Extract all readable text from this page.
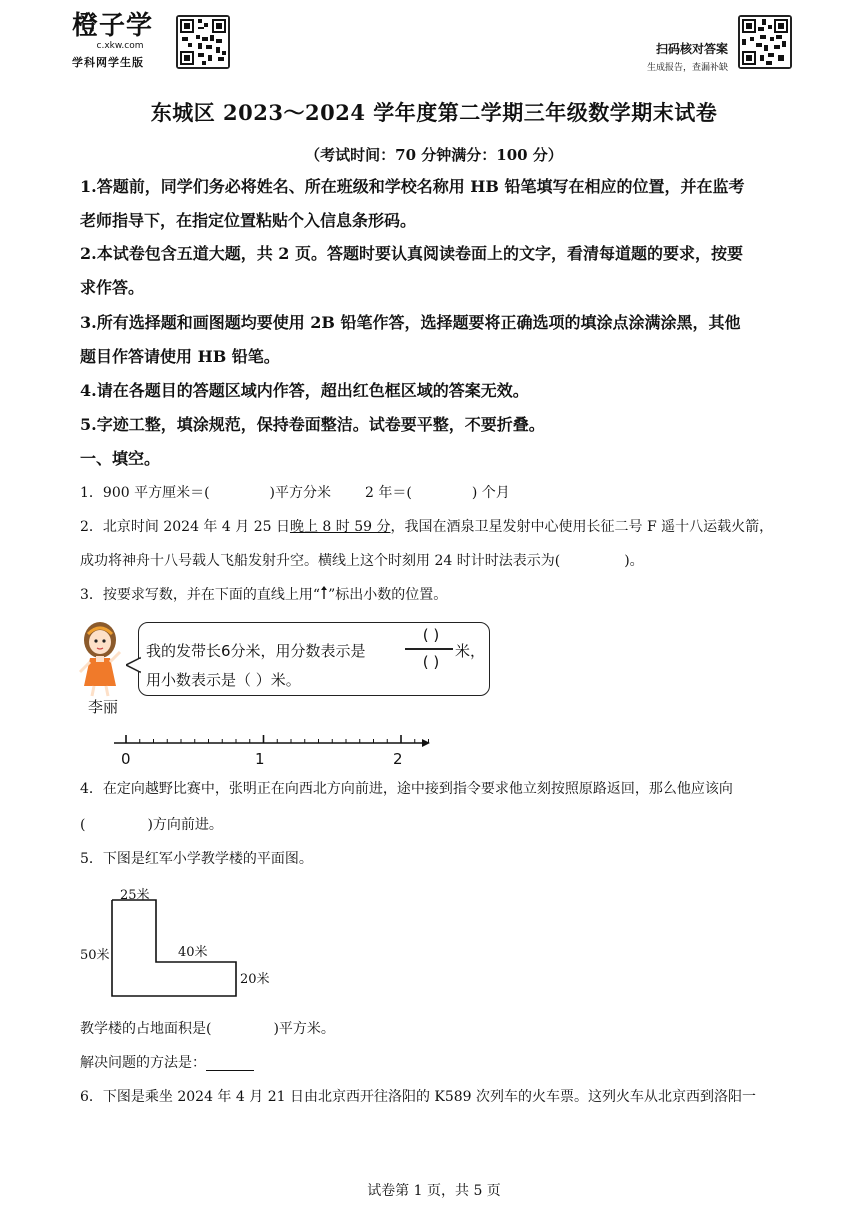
橙子学
c.xkw.com
学科网学生版
扫码核对答案
生成报告，查漏补缺
东城区 2023～2024 学年度第二学期三年级数学期末试卷
（考试时间：70 分钟满分：100 分）
1.答题前，同学们务必将姓名、所在班级和学校名称用 HB 铅笔填写在相应的位置，并在监考
老师指导下，在指定位置粘贴个入信息条形码。
2.本试卷包含五道大题，共 2 页。答题时要认真阅读卷面上的文字，看清每道题的要求，按要
求作答。
3.所有选择题和画图题均要使用 2B 铅笔作答，选择题要将正确选项的填涂点涂满涂黑，其他
题目作答请使用 HB 铅笔。
4.请在各题目的答题区域内作答，超出红色框区域的答案无效。
5.字迹工整，填涂规范，保持卷面整洁。试卷要平整，不要折叠。
一、填空。
1．900 平方厘米＝(	)平方分米 2 年＝(	) 个月
2．北京时间 2024 年 4 月 25 日晚上 8 时 59 分，我国在酒泉卫星发射中心使用长征二号 F 遥十八运载火箭，
成功将神舟十八号载人飞船发射升空。横线上这个时刻用 24 时计时法表示为(	)。
3．按要求写数，并在下面的直线上用“ ”标出小数的位置。
李丽
我的发带长6分米，用分数表示是
( )
( )
米，
用小数表示是（ ）米。
0	1	2
4．在定向越野比赛中，张明正在向西北方向前进，途中接到指令要求他立刻按照原路返回，那么他应该向
(	)方向前进。
5．下图是红军小学教学楼的平面图。
25米
50米	40米
20米
教学楼的占地面积是(	)平方米。
解决问题的方法是：
6．下图是乘坐 2024 年 4 月 21 日由北京西开往洛阳的 K589 次列车的火车票。这列火车从北京西到洛阳一
试卷第 1 页，共 5 页
